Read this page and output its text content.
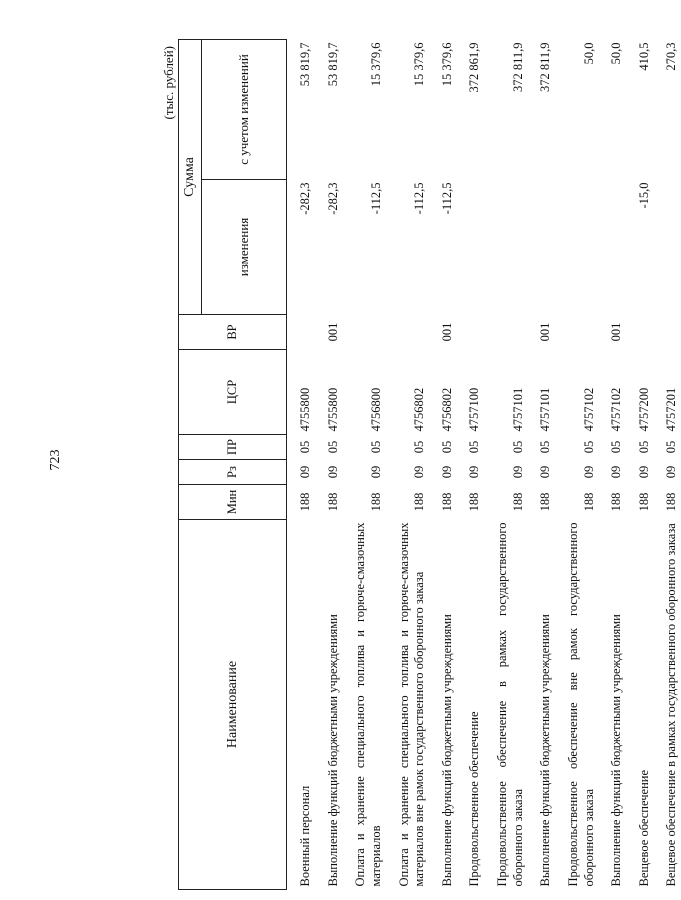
723
(тыс. рублей)
Наименование	Мин	Рз	ПР	ЦСР	ВР	Сумма	
						изменения	с учетом изменений

Военный персонал	188	09	05	4755800		-282,3	53 819,7

Выполнение функций бюджетными учреждениями	188	09	05	4755800	001	-282,3	53 819,7

Оплата и хранение специального топлива и горюче-смазочных материалов	188	09	05	4756800		-112,5	15 379,6

Оплата и хранение специального топлива и горюче-смазочных материалов вне рамок государственного оборонного заказа	188	09	05	4756802		-112,5	15 379,6

Выполнение функций бюджетными учреждениями	188	09	05	4756802	001	-112,5	15 379,6

Продовольственное обеспечение	188	09	05	4757100			372 861,9

Продовольственное обеспечение в рамках государственного оборонного заказа	188	09	05	4757101			372 811,9

Выполнение функций бюджетными учреждениями	188	09	05	4757101	001		372 811,9

Продовольственное обеспечение вне рамок государственного оборонного заказа	188	09	05	4757102			50,0

Выполнение функций бюджетными учреждениями	188	09	05	4757102	001		50,0

Вещевое обеспечение	188	09	05	4757200		-15,0	410,5

Вещевое обеспечение в рамках государственного оборонного заказа	188	09	05	4757201			270,3
